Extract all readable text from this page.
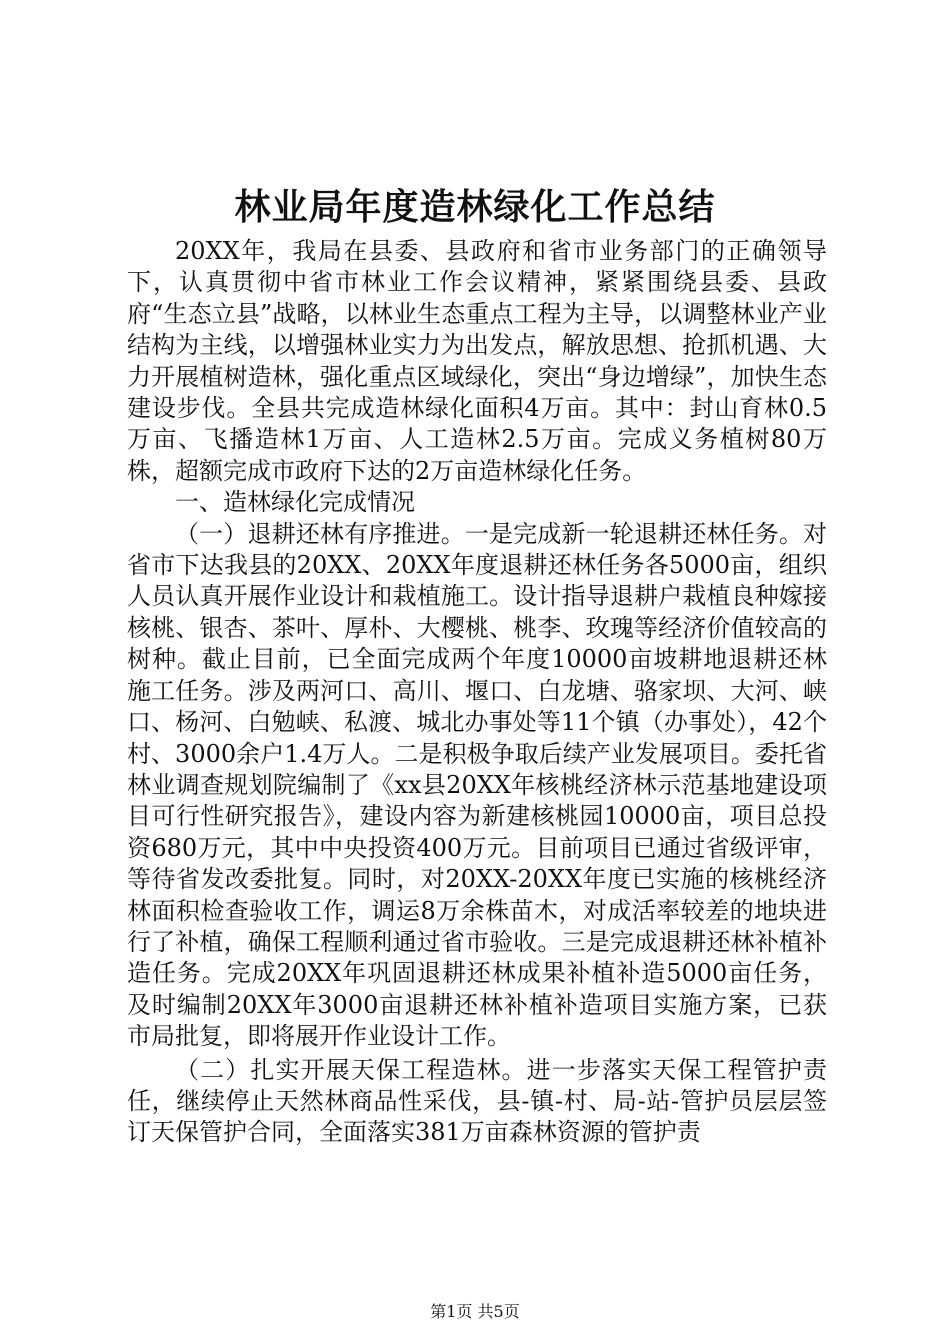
林业局年度造林绿化工作总结

20XX年，我局在县委、县政府和省市业务部门的正确领导下，认真贯彻中省市林业工作会议精神，紧紧围绕县委、县政府“生态立县”战略，以林业生态重点工程为主导，以调整林业产业结构为主线，以增强林业实力为出发点，解放思想、抢抓机遇、大力开展植树造林，强化重点区域绿化，突出“身边增绿”，加快生态建设步伐。全县共完成造林绿化面积4万亩。其中：封山育林0.5万亩、飞播造林1万亩、人工造林2.5万亩。完成义务植树80万株，超额完成市政府下达的2万亩造林绿化任务。

一、造林绿化完成情况

（一）退耕还林有序推进。一是完成新一轮退耕还林任务。对省市下达我县的20XX、20XX年度退耕还林任务各5000亩，组织人员认真开展作业设计和栽植施工。设计指导退耕户栽植良种嫁接核桃、银杏、茶叶、厚朴、大樱桃、桃李、玫瑰等经济价值较高的树种。截止目前，已全面完成两个年度10000亩坡耕地退耕还林施工任务。涉及两河口、高川、堰口、白龙塘、骆家坝、大河、峡口、杨河、白勉峡、私渡、城北办事处等11个镇（办事处），42个村、3000余户1.4万人。二是积极争取后续产业发展项目。委托省林业调查规划院编制了《xx县20XX年核桃经济林示范基地建设项目可行性研究报告》，建设内容为新建核桃园10000亩，项目总投资680万元，其中中央投资400万元。目前项目已通过省级评审，等待省发改委批复。同时，对20XX-20XX年度已实施的核桃经济林面积检查验收工作，调运8万余株苗木，对成活率较差的地块进行了补植，确保工程顺利通过省市验收。三是完成退耕还林补植补造任务。完成20XX年巩固退耕还林成果补植补造5000亩任务，及时编制20XX年3000亩退耕还林补植补造项目实施方案，已获市局批复，即将展开作业设计工作。

（二）扎实开展天保工程造林。进一步落实天保工程管护责任，继续停止天然林商品性采伐，县-镇-村、局-站-管护员层层签订天保管护合同，全面落实381万亩森林资源的管护责

第1页 共5页
